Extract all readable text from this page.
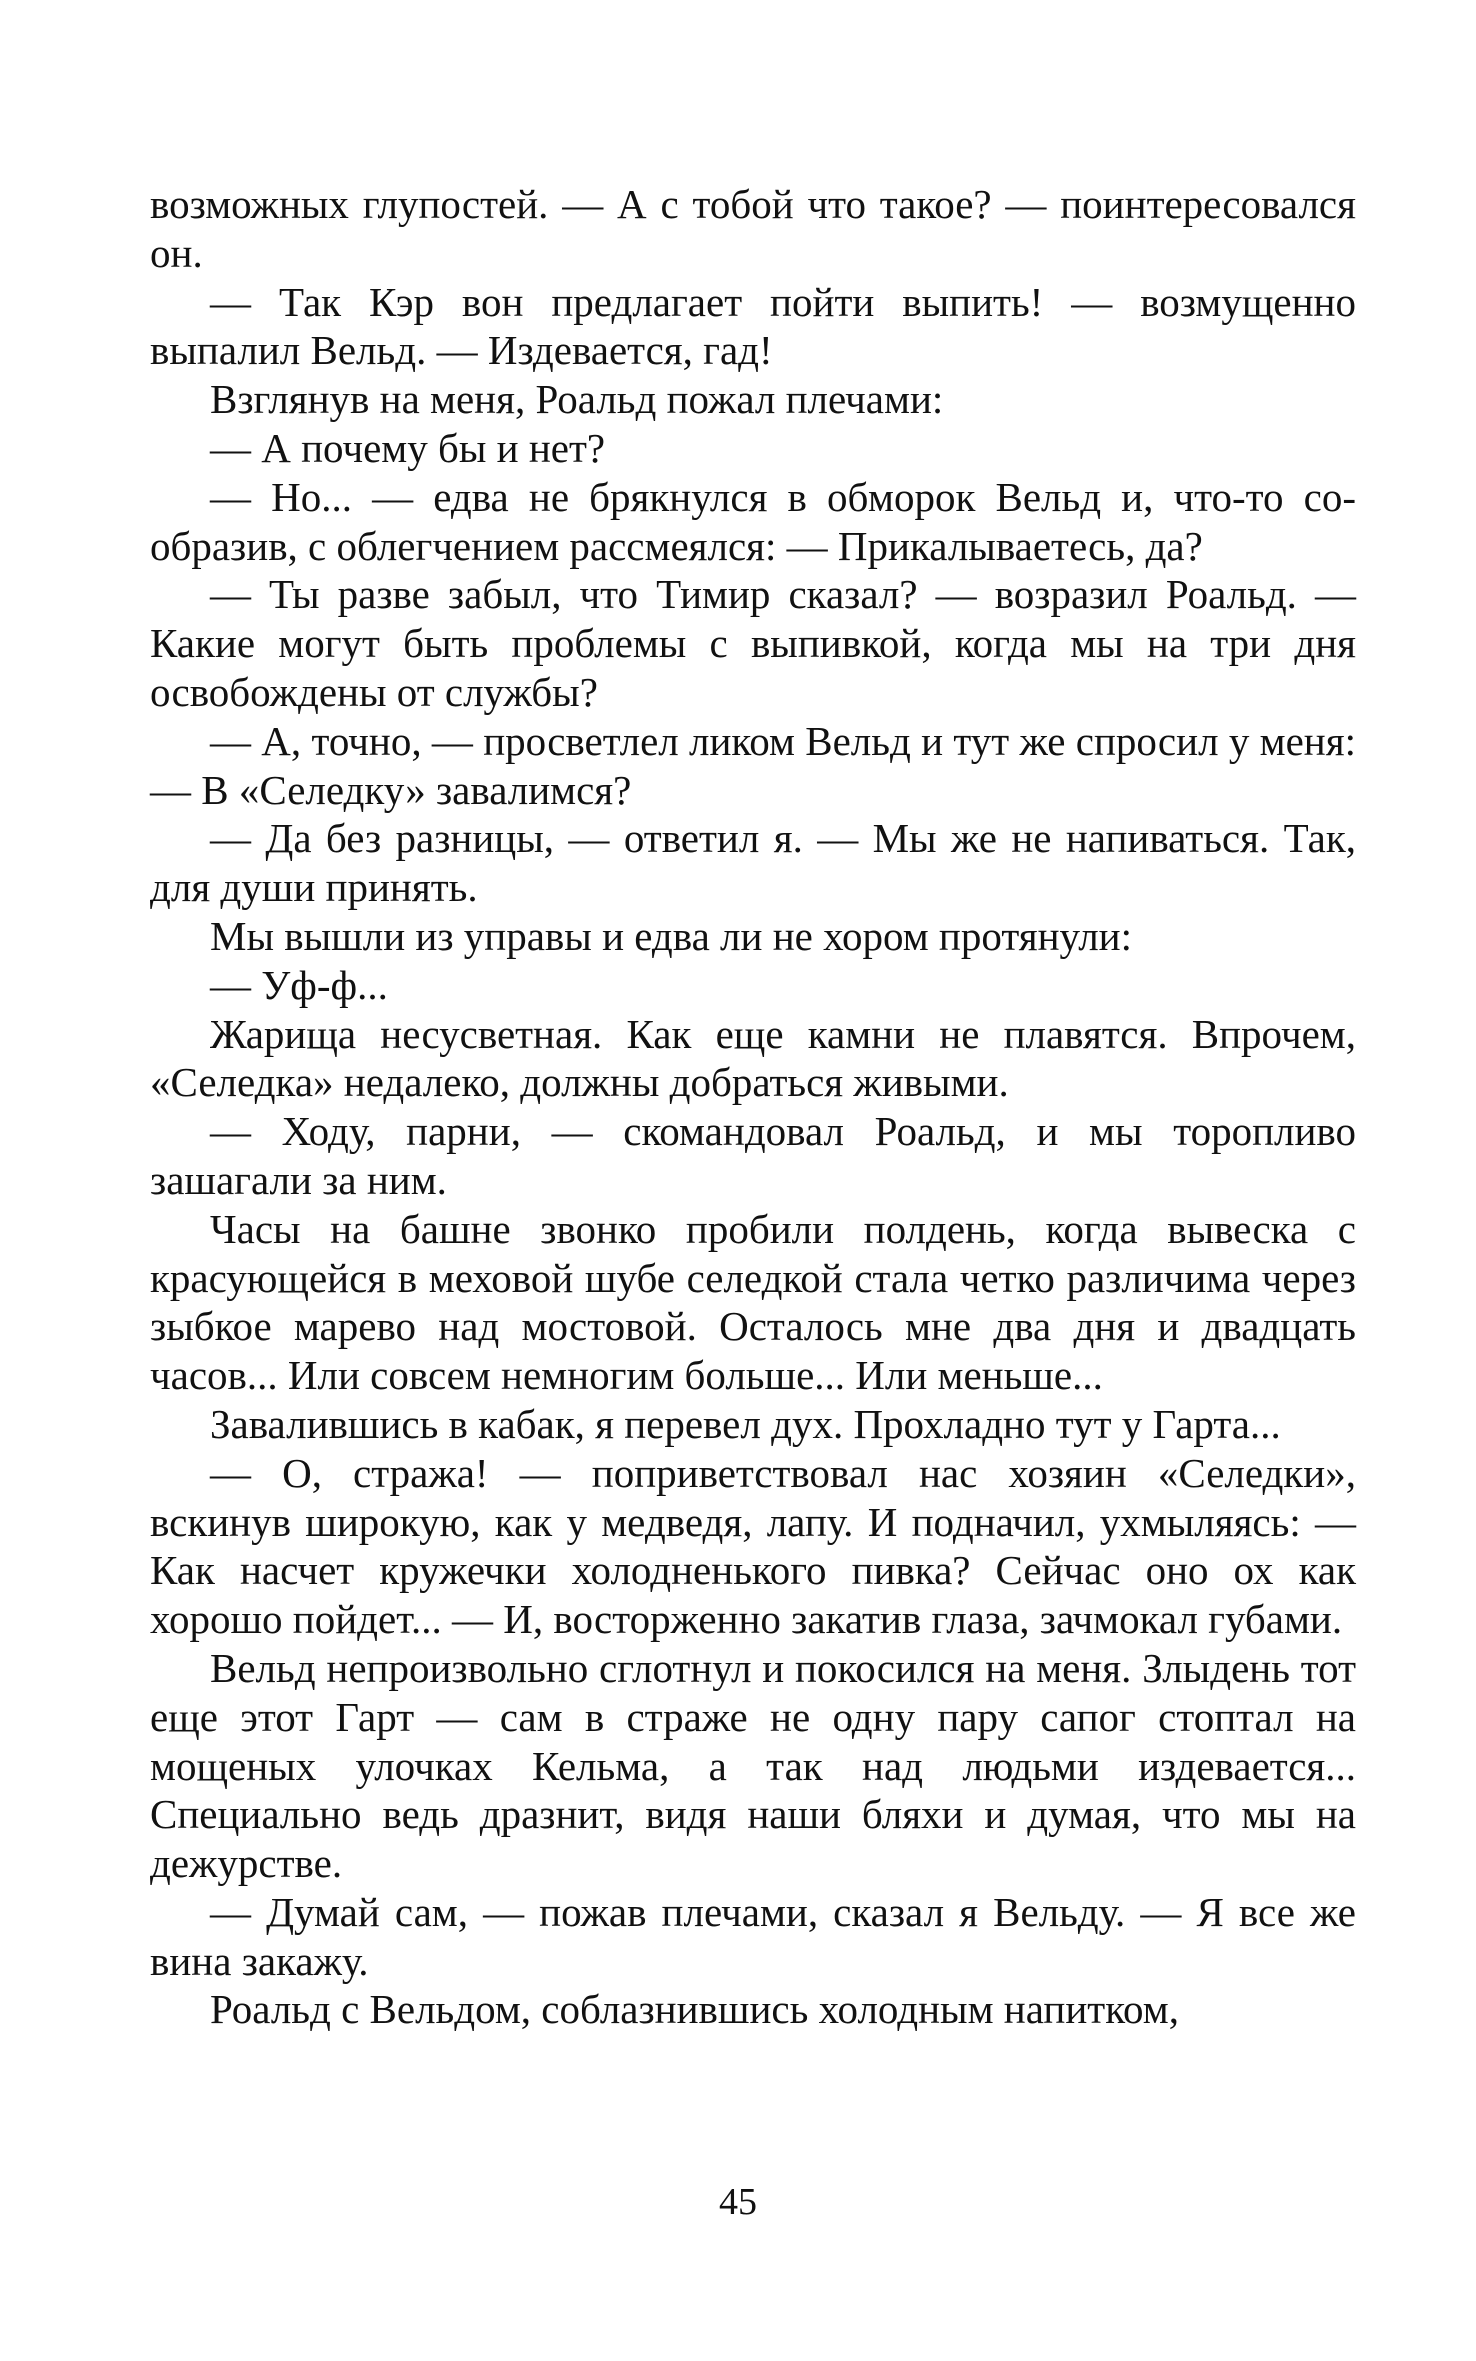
возможных глупостей. — А с тобой что такое? — поинтересовался он.

— Так Кэр вон предлагает пойти выпить! — возмущенно выпалил Вельд. — Издевается, гад!

Взглянув на меня, Роальд пожал плечами:

— А почему бы и нет?

— Но... — едва не брякнулся в обморок Вельд и, что-то сообразив, с облегчением рассмеялся: — Прикалываетесь, да?

— Ты разве забыл, что Тимир сказал? — возразил Роальд. — Какие могут быть проблемы с выпивкой, когда мы на три дня освобождены от службы?

— А, точно, — просветлел ликом Вельд и тут же спросил у меня: — В «Селедку» завалимся?

— Да без разницы, — ответил я. — Мы же не напиваться. Так, для души принять.

Мы вышли из управы и едва ли не хором протянули:

— Уф-ф...

Жарища несусветная. Как еще камни не плавятся. Впрочем, «Селедка» недалеко, должны добраться живыми.

— Ходу, парни, — скомандовал Роальд, и мы торопливо зашагали за ним.

Часы на башне звонко пробили полдень, когда вывеска с красующейся в меховой шубе селедкой стала четко различима через зыбкое марево над мостовой. Осталось мне два дня и двадцать часов... Или совсем немногим больше... Или меньше...

Завалившись в кабак, я перевел дух. Прохладно тут у Гарта...

— О, стража! — поприветствовал нас хозяин «Селедки», вскинув широкую, как у медведя, лапу. И подначил, ухмыляясь: — Как насчет кружечки холодненького пивка? Сейчас оно ох как хорошо пойдет... — И, восторженно закатив глаза, зачмокал губами.

Вельд непроизвольно сглотнул и покосился на меня. Злыдень тот еще этот Гарт — сам в страже не одну пару сапог стоптал на мощеных улочках Кельма, а так над людьми издевается... Специально ведь дразнит, видя наши бляхи и думая, что мы на дежурстве.

— Думай сам, — пожав плечами, сказал я Вельду. — Я все же вина закажу.

Роальд с Вельдом, соблазнившись холодным напитком,

45
